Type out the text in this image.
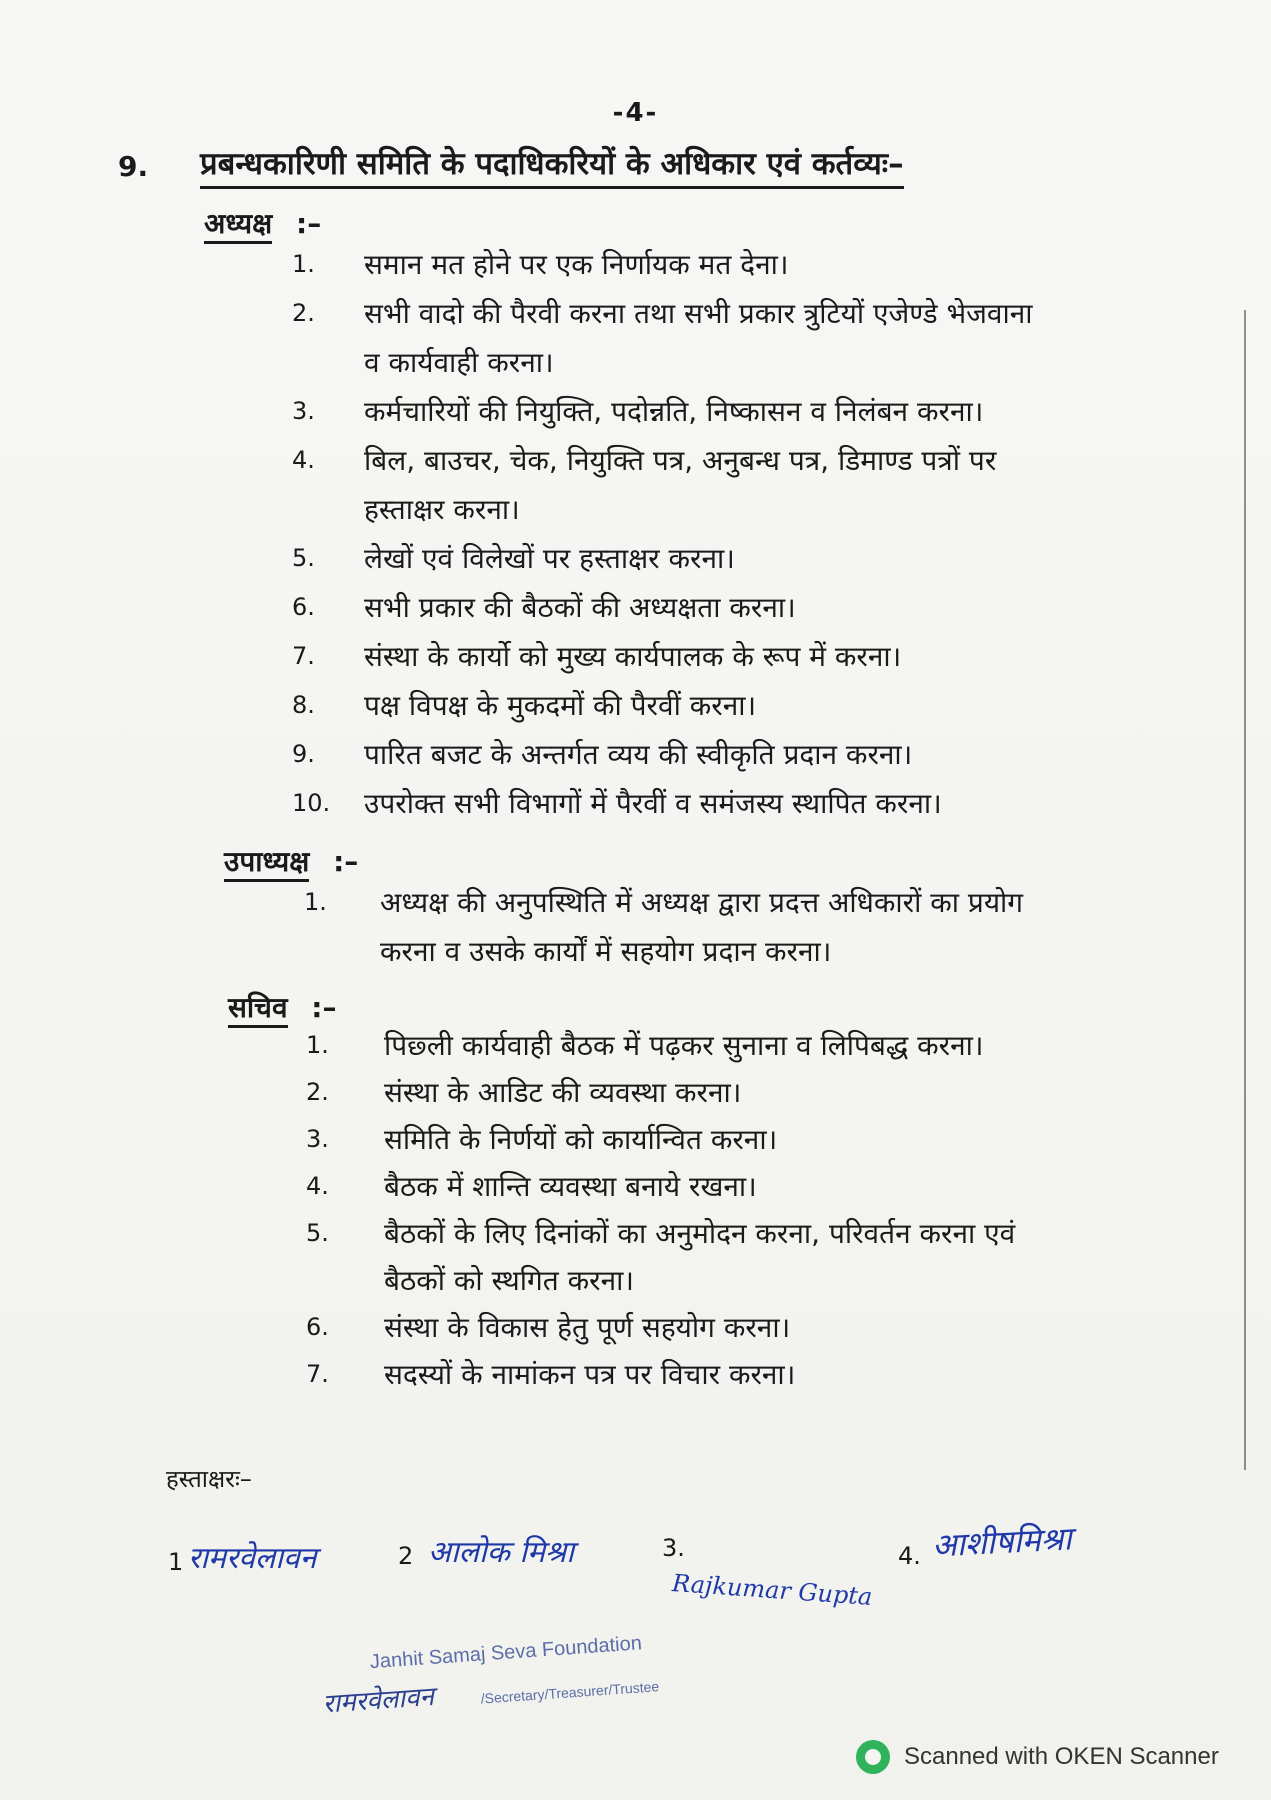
-4-
9. प्रबन्धकारिणी समिति के पदाधिकरियों के अधिकार एवं कर्तव्यः–
अध्यक्ष :–
1. समान मत होने पर एक निर्णायक मत देना।
2. सभी वादो की पैरवी करना तथा सभी प्रकार त्रुटियों एजेण्डे भेजवाना
व कार्यवाही करना।
3. कर्मचारियों की नियुक्ति, पदोन्नति, निष्कासन व निलंबन करना।
4. बिल, बाउचर, चेक, नियुक्ति पत्र, अनुबन्ध पत्र, डिमाण्ड पत्रों पर
हस्ताक्षर करना।
5. लेखों एवं विलेखों पर हस्ताक्षर करना।
6. सभी प्रकार की बैठकों की अध्यक्षता करना।
7. संस्था के कार्यो को मुख्य कार्यपालक के रूप में करना।
8. पक्ष विपक्ष के मुकदमों की पैरवीं करना।
9. पारित बजट के अन्तर्गत व्यय की स्वीकृति प्रदान करना।
10. उपरोक्त सभी विभागों में पैरवीं व समंजस्य स्थापित करना।
उपाध्यक्ष :–
1. अध्यक्ष की अनुपस्थिति में अध्यक्ष द्वारा प्रदत्त अधिकारों का प्रयोग
करना व उसके कार्यों में सहयोग प्रदान करना।
सचिव :–
1. पिछ्ली कार्यवाही बैठक में पढ़कर सुनाना व लिपिबद्ध करना।
2. संस्था के आडिट की व्यवस्था करना।
3. समिति के निर्णयों को कार्यान्वित करना।
4. बैठक में शान्ति व्यवस्था बनाये रखना।
5. बैठकों के लिए दिनांकों का अनुमोदन करना, परिवर्तन करना एवं
बैठकों को स्थगित करना।
6. संस्था के विकास हेतु पूर्ण सहयोग करना।
7. सदस्यों के नामांकन पत्र पर विचार करना।
हस्ताक्षरः–
1 रामरवेलावन	2 आलोक मिश्रा	3.
Rajkumar Gupta
4. आशीषमिश्रा
Janhit Samaj Seva Foundation
/Secretary/Treasurer/Trustee
रामरवेलावन
Scanned with OKEN Scanner
